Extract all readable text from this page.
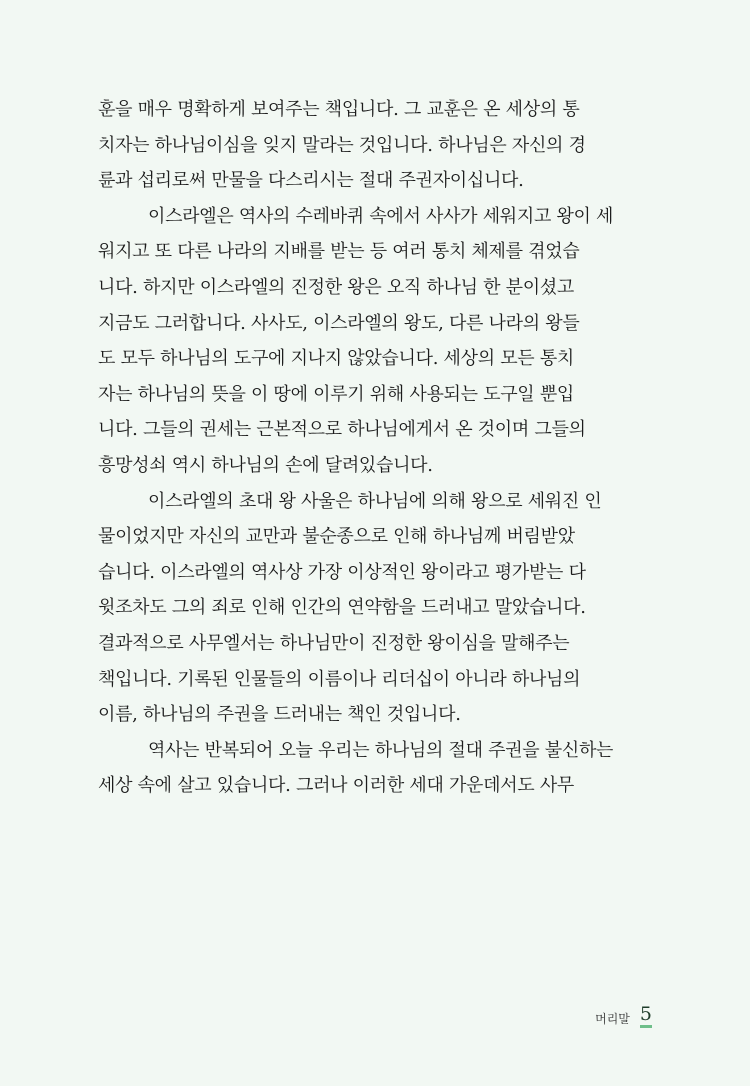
훈을 매우 명확하게 보여주는 책입니다. 그 교훈은 온 세상의 통
치자는 하나님이심을 잊지 말라는 것입니다. 하나님은 자신의 경
륜과 섭리로써 만물을 다스리시는 절대 주권자이십니다.
이스라엘은 역사의 수레바퀴 속에서 사사가 세워지고 왕이 세
워지고 또 다른 나라의 지배를 받는 등 여러 통치 체제를 겪었습
니다. 하지만 이스라엘의 진정한 왕은 오직 하나님 한 분이셨고
지금도 그러합니다. 사사도, 이스라엘의 왕도, 다른 나라의 왕들
도 모두 하나님의 도구에 지나지 않았습니다. 세상의 모든 통치
자는 하나님의 뜻을 이 땅에 이루기 위해 사용되는 도구일 뿐입
니다. 그들의 권세는 근본적으로 하나님에게서 온 것이며 그들의
흥망성쇠 역시 하나님의 손에 달려있습니다.
이스라엘의 초대 왕 사울은 하나님에 의해 왕으로 세워진 인
물이었지만 자신의 교만과 불순종으로 인해 하나님께 버림받았
습니다. 이스라엘의 역사상 가장 이상적인 왕이라고 평가받는 다
윗조차도 그의 죄로 인해 인간의 연약함을 드러내고 말았습니다.
결과적으로 사무엘서는 하나님만이 진정한 왕이심을 말해주는
책입니다. 기록된 인물들의 이름이나 리더십이 아니라 하나님의
이름, 하나님의 주권을 드러내는 책인 것입니다.
역사는 반복되어 오늘 우리는 하나님의 절대 주권을 불신하는
세상 속에 살고 있습니다. 그러나 이러한 세대 가운데서도 사무
머리말 5
